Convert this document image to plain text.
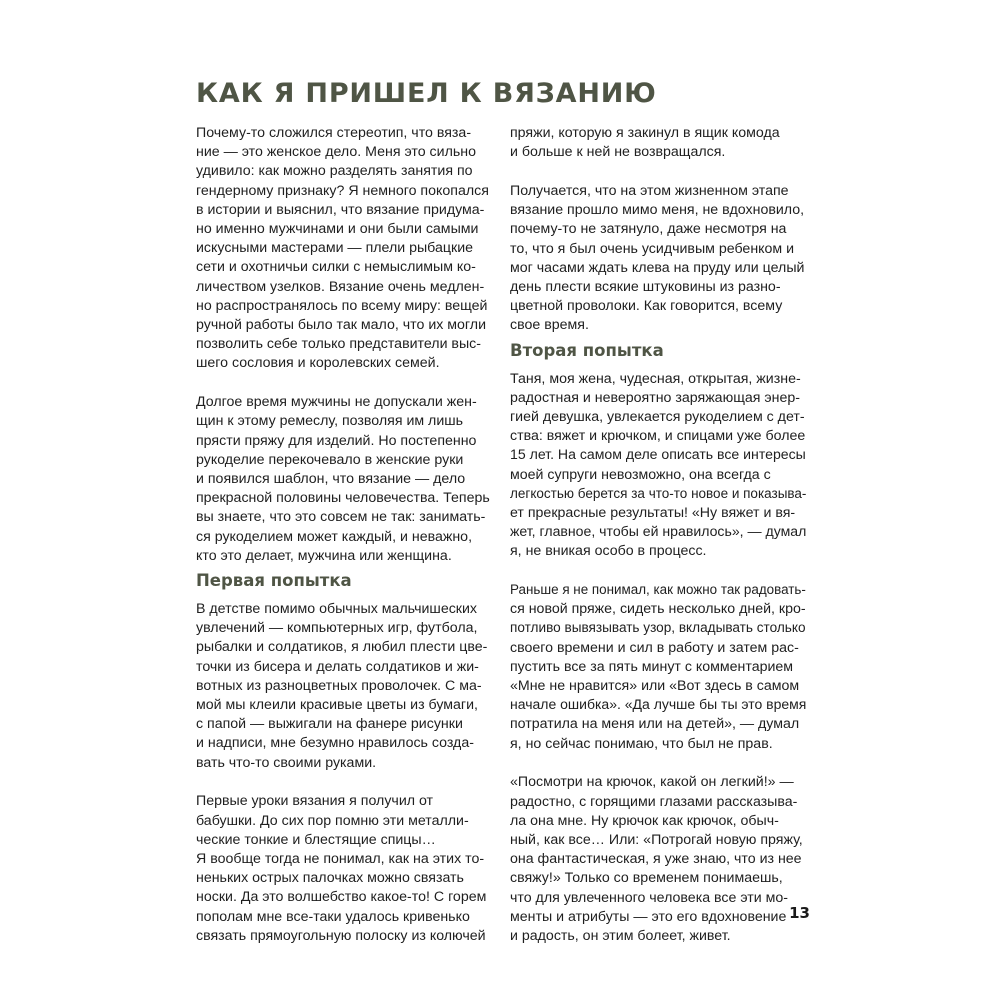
КАК Я ПРИШЕЛ К ВЯЗАНИЮ

Почему-то сложился стереотип, что вяза-
ние — это женское дело. Меня это сильно
удивило: как можно разделять занятия по
гендерному признаку? Я немного покопался
в истории и выяснил, что вязание придума-
но именно мужчинами и они были самыми
искусными мастерами — плели рыбацкие
сети и охотничьи силки с немыслимым ко-
личеством узелков. Вязание очень медлен-
но распространялось по всему миру: вещей
ручной работы было так мало, что их могли
позволить себе только представители выс-
шего сословия и королевских семей.

Долгое время мужчины не допускали жен-
щин к этому ремеслу, позволяя им лишь
прясти пряжу для изделий. Но постепенно
рукоделие перекочевало в женские руки
и появился шаблон, что вязание — дело
прекрасной половины человечества. Теперь
вы знаете, что это совсем не так: занимать-
ся рукоделием может каждый, и неважно,
кто это делает, мужчина или женщина.

Первая попытка

В детстве помимо обычных мальчишеских
увлечений — компьютерных игр, футбола,
рыбалки и солдатиков, я любил плести цве-
точки из бисера и делать солдатиков и жи-
вотных из разноцветных проволочек. С ма-
мой мы клеили красивые цветы из бумаги,
с папой — выжигали на фанере рисунки
и надписи, мне безумно нравилось созда-
вать что-то своими руками.

Первые уроки вязания я получил от
бабушки. До сих пор помню эти металли-
ческие тонкие и блестящие спицы…
Я вообще тогда не понимал, как на этих то-
неньких острых палочках можно связать
носки. Да это волшебство какое-то! С горем
пополам мне все-таки удалось кривенько
связать прямоугольную полоску из колючей

пряжи, которую я закинул в ящик комода
и больше к ней не возвращался.

Получается, что на этом жизненном этапе
вязание прошло мимо меня, не вдохновило,
почему-то не затянуло, даже несмотря на
то, что я был очень усидчивым ребенком и
мог часами ждать клева на пруду или целый
день плести всякие штуковины из разно-
цветной проволоки. Как говорится, всему
свое время.

Вторая попытка

Таня, моя жена, чудесная, открытая, жизне-
радостная и невероятно заряжающая энер-
гией девушка, увлекается рукоделием с дет-
ства: вяжет и крючком, и спицами уже более
15 лет. На самом деле описать все интересы
моей супруги невозможно, она всегда с
легкостью берется за что-то новое и показыва-
ет прекрасные результаты! «Ну вяжет и вя-
жет, главное, чтобы ей нравилось», — думал
я, не вникая особо в процесс.

Раньше я не понимал, как можно так радовать-
ся новой пряже, сидеть несколько дней, кро-
потливо вывязывать узор, вкладывать столько
своего времени и сил в работу и затем рас-
пустить все за пять минут с комментарием
«Мне не нравится» или «Вот здесь в самом
начале ошибка». «Да лучше бы ты это время
потратила на меня или на детей», — думал
я, но сейчас понимаю, что был не прав.

«Посмотри на крючок, какой он легкий!» —
радостно, с горящими глазами рассказыва-
ла она мне. Ну крючок как крючок, обыч-
ный, как все… Или: «Потрогай новую пряжу,
она фантастическая, я уже знаю, что из нее
свяжу!» Только со временем понимаешь,
что для увлеченного человека все эти мо-
менты и атрибуты — это его вдохновение
и радость, он этим болеет, живет.

13
